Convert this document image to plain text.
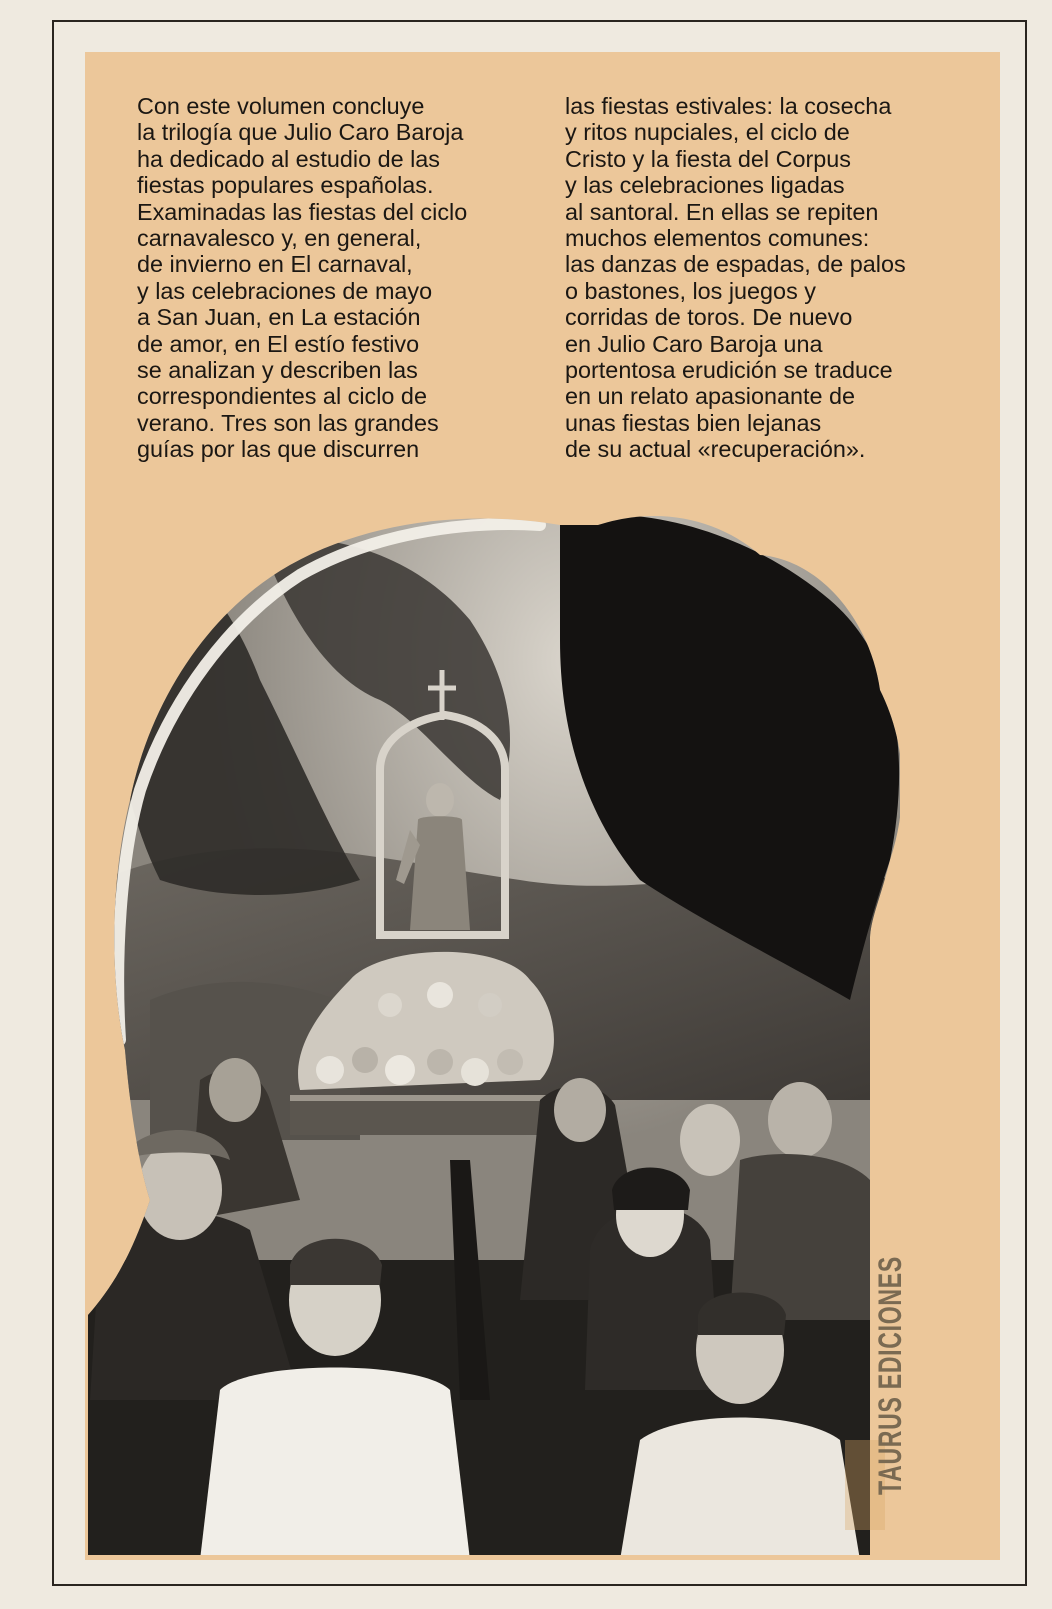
Con este volumen concluye
la trilogía que Julio Caro Baroja
ha dedicado al estudio de las
fiestas populares españolas.
Examinadas las fiestas del ciclo
carnavalesco y, en general,
de invierno en El carnaval,
y las celebraciones de mayo
a San Juan, en La estación
de amor, en El estío festivo
se analizan y describen las
correspondientes al ciclo de
verano. Tres son las grandes
guías por las que discurren
las fiestas estivales: la cosecha
y ritos nupciales, el ciclo de
Cristo y la fiesta del Corpus
y las celebraciones ligadas
al santoral. En ellas se repiten
muchos elementos comunes:
las danzas de espadas, de palos
o bastones, los juegos y
corridas de toros. De nuevo
en Julio Caro Baroja una
portentosa erudición se traduce
en un relato apasionante de
unas fiestas bien lejanas
de su actual «recuperación».
TAURUS EDICIONES
